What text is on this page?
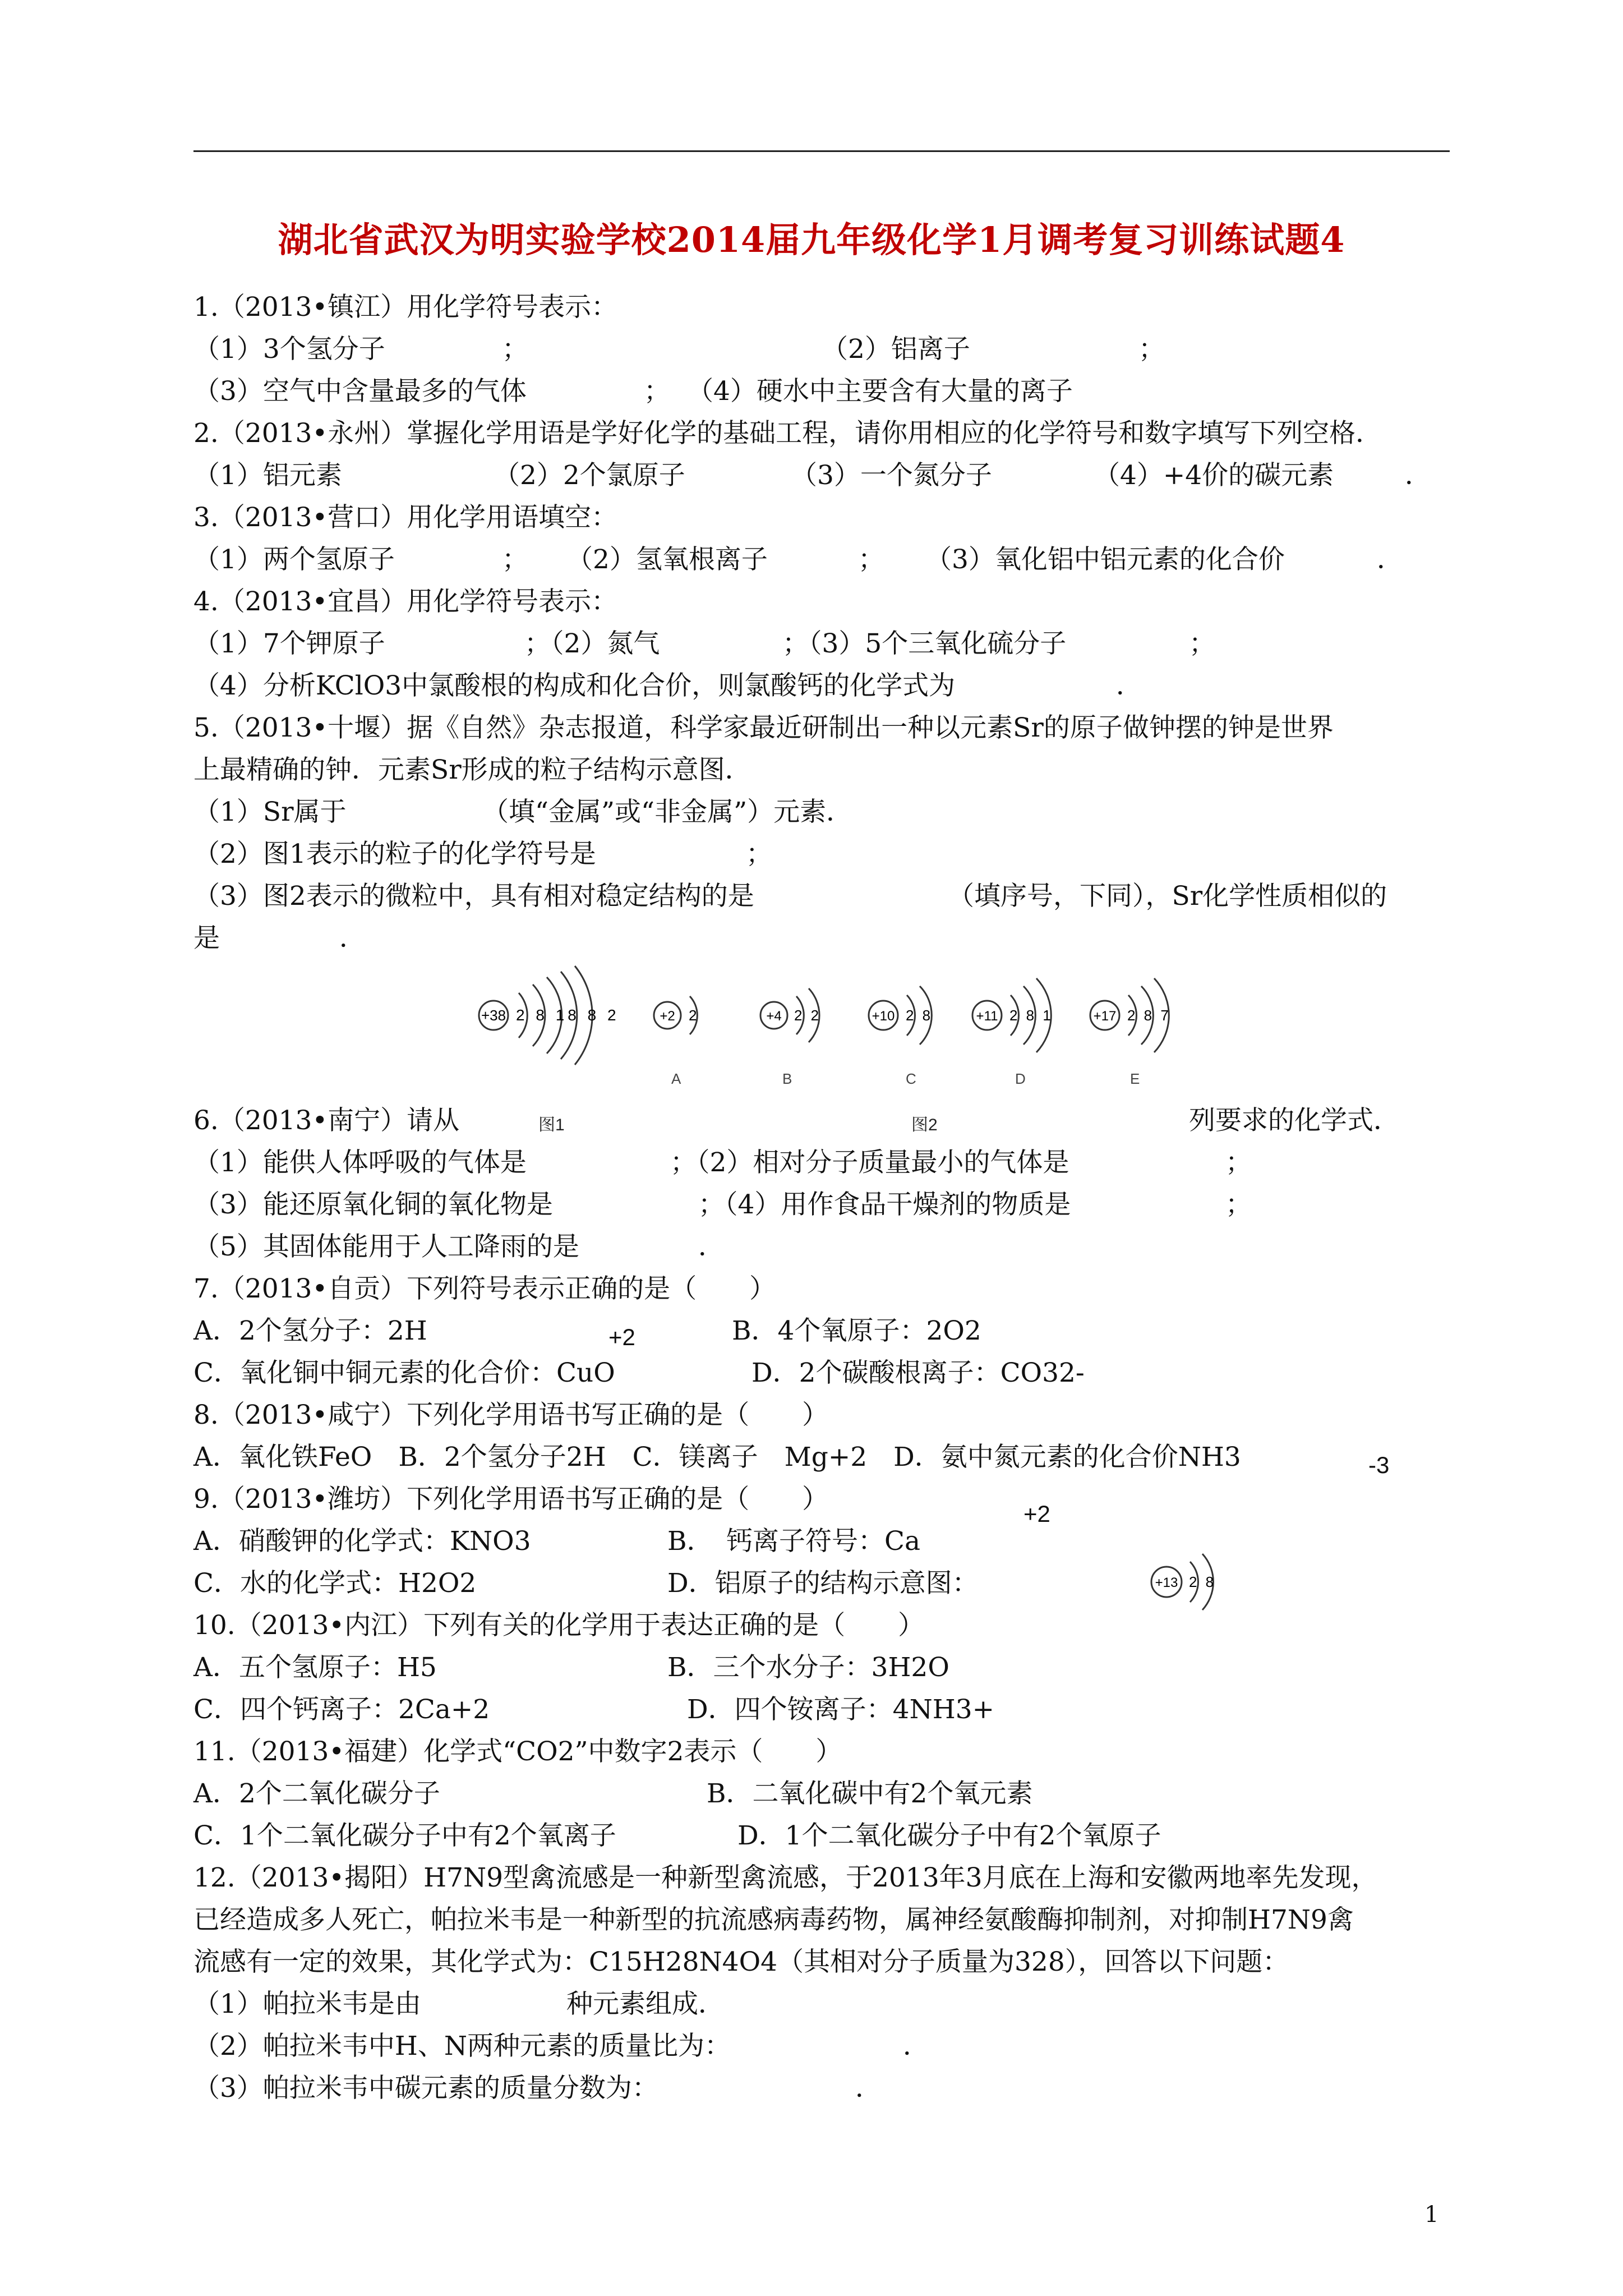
湖北省武汉为明实验学校2014届九年级化学1月调考复习训练试题4
1.（2013•镇江）用化学符号表示：
（1）3个氢分子	；	（2）铝离子	；
（3）空气中含量最多的气体	； （4）硬水中主要含有大量的离子
2.（2013•永州）掌握化学用语是学好化学的基础工程，请你用相应的化学符号和数字填写下列空格．
（1）铝元素	（2）2个氯原子	（3）一个氮分子	（4）+4价的碳元素	．
3.（2013•营口）用化学用语填空：
（1）两个氢原子	； （2）氢氧根离子	； （3）氧化铝中铝元素的化合价	．
4.（2013•宜昌）用化学符号表示：
（1）7个钾原子	；（2）氮气	；（3）5个三氧化硫分子	；
（4）分析KClO3中氯酸根的构成和化合价，则氯酸钙的化学式为	．
5.（2013•十堰）据《自然》杂志报道，科学家最近研制出一种以元素Sr的原子做钟摆的钟是世界
上最精确的钟．元素Sr形成的粒子结构示意图．
（1）Sr属于	（填“金属”或“非金属”）元素．
（2）图1表示的粒子的化学符号是	；
（3）图2表示的微粒中，具有相对稳定结构的是	（填序号，下同），Sr化学性质相似的
是	．
+38 2 8 18 8 2	+2 2	+4 2 2	+10 2 8	+11 2 8 1	+17 2 8 7
A	B	C	D	E
6.（2013•南宁）请从	图1	图2	列要求的化学式．
（1）能供人体呼吸的气体是	；（2）相对分子质量最小的气体是	；
（3）能还原氧化铜的氧化物是	；（4）用作食品干燥剂的物质是	；
（5）其固体能用于人工降雨的是	．
7.（2013•自贡）下列符号表示正确的是（　　）
A．2个氢分子：2H	+2	B．4个氧原子：2O2
C．氧化铜中铜元素的化合价：CuO	D．2个碳酸根离子：CO32-
8.（2013•咸宁）下列化学用语书写正确的是（　　）
A．氧化铁FeO　B．2个氢分子2H　C．镁离子　Mg+2　D．氨中氮元素的化合价NH3	-3
9.（2013•潍坊）下列化学用语书写正确的是（　　）	+2
A．硝酸钾的化学式：KNO3	B．　钙离子符号：Ca
C．水的化学式：H2O2	D．铝原子的结构示意图：	+13 2 8
10.（2013•内江）下列有关的化学用于表达正确的是（　　）
A．五个氢原子：H5	B．三个水分子：3H2O
C．四个钙离子：2Ca+2	D．四个铵离子：4NH3+
11.（2013•福建）化学式“CO2”中数字2表示（　　）
A．2个二氧化碳分子	B．二氧化碳中有2个氧元素
C．1个二氧化碳分子中有2个氧离子	D．1个二氧化碳分子中有2个氧原子
12.（2013•揭阳）H7N9型禽流感是一种新型禽流感，于2013年3月底在上海和安徽两地率先发现，
已经造成多人死亡，帕拉米韦是一种新型的抗流感病毒药物，属神经氨酸酶抑制剂，对抑制H7N9禽
流感有一定的效果，其化学式为：C15H28N4O4（其相对分子质量为328），回答以下问题：
（1）帕拉米韦是由	种元素组成．
（2）帕拉米韦中H、N两种元素的质量比为：	．
（3）帕拉米韦中碳元素的质量分数为：	．
1
